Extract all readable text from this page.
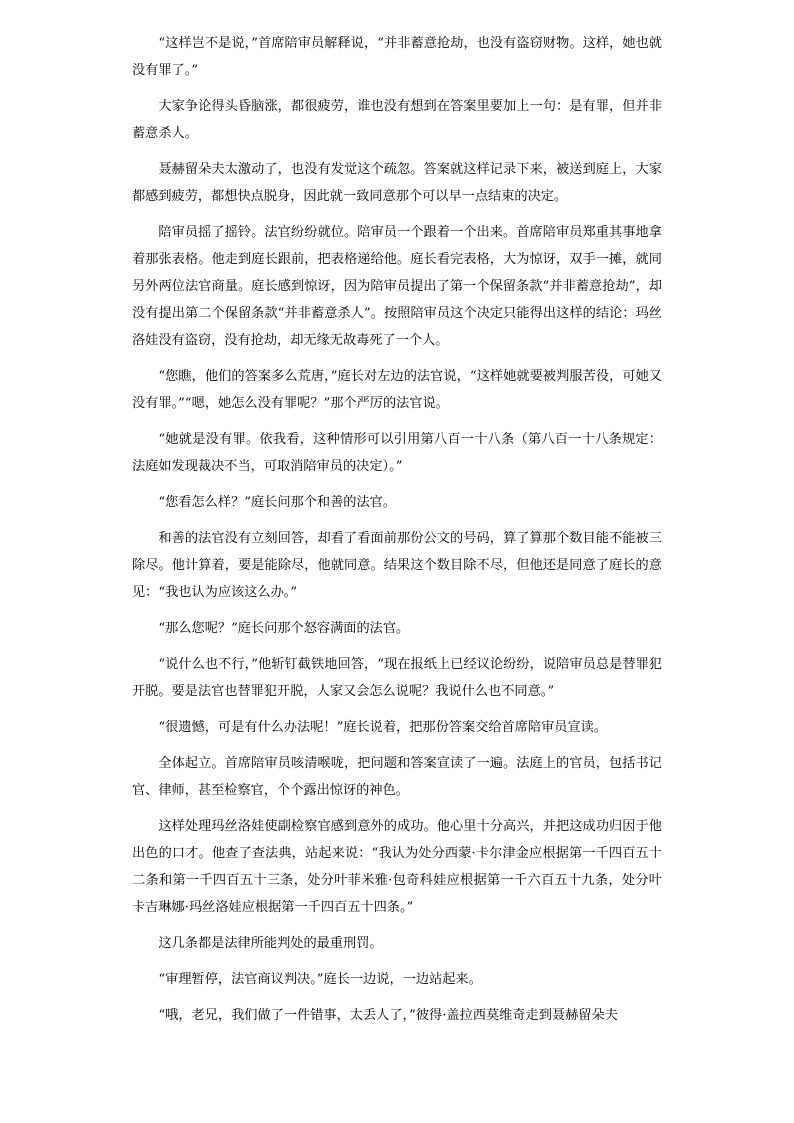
“这样岂不是说，”首席陪审员解释说，“并非蓄意抢劫，也没有盗窃财物。这样，她也就没有罪了。”

大家争论得头昏脑涨，都很疲劳，谁也没有想到在答案里要加上一句：是有罪，但并非蓄意杀人。

聂赫留朵夫太激动了，也没有发觉这个疏忽。答案就这样记录下来，被送到庭上，大家都感到疲劳，都想快点脱身，因此就一致同意那个可以早一点结束的决定。

陪审员摇了摇铃。法官纷纷就位。陪审员一个跟着一个出来。首席陪审员郑重其事地拿着那张表格。他走到庭长跟前，把表格递给他。庭长看完表格，大为惊讶，双手一摊，就同另外两位法官商量。庭长感到惊讶，因为陪审员提出了第一个保留条款“并非蓄意抢劫”，却没有提出第二个保留条款“并非蓄意杀人”。按照陪审员这个决定只能得出这样的结论：玛丝洛娃没有盗窃，没有抢劫，却无缘无故毒死了一个人。

“您瞧，他们的答案多么荒唐，”庭长对左边的法官说，“这样她就要被判服苦役，可她又没有罪。”“嗯，她怎么没有罪呢？”那个严厉的法官说。

“她就是没有罪。依我看，这种情形可以引用第八百一十八条（第八百一十八条规定：法庭如发现裁决不当，可取消陪审员的决定）。”

“您看怎么样？”庭长问那个和善的法官。

和善的法官没有立刻回答，却看了看面前那份公文的号码，算了算那个数目能不能被三除尽。他计算着，要是能除尽，他就同意。结果这个数目除不尽，但他还是同意了庭长的意见：“我也认为应该这么办。”

“那么您呢？”庭长问那个怒容满面的法官。

“说什么也不行，”他斩钉截铁地回答，“现在报纸上已经议论纷纷，说陪审员总是替罪犯开脱。要是法官也替罪犯开脱，人家又会怎么说呢？我说什么也不同意。”

“很遗憾，可是有什么办法呢！”庭长说着，把那份答案交给首席陪审员宣读。

全体起立。首席陪审员咳清喉咙，把问题和答案宣读了一遍。法庭上的官员，包括书记官、律师，甚至检察官，个个露出惊讶的神色。

这样处理玛丝洛娃使副检察官感到意外的成功。他心里十分高兴，并把这成功归因于他出色的口才。他查了查法典，站起来说：“我认为处分西蒙·卡尔津金应根据第一千四百五十二条和第一千四百五十三条，处分叶菲米雅·包奇科娃应根据第一千六百五十九条，处分叶卡吉琳娜·玛丝洛娃应根据第一千四百五十四条。”

这几条都是法律所能判处的最重刑罚。

“审理暂停，法官商议判决。”庭长一边说，一边站起来。

“哦，老兄，我们做了一件错事，太丢人了，”彼得·盖拉西莫维奇走到聂赫留朵夫
